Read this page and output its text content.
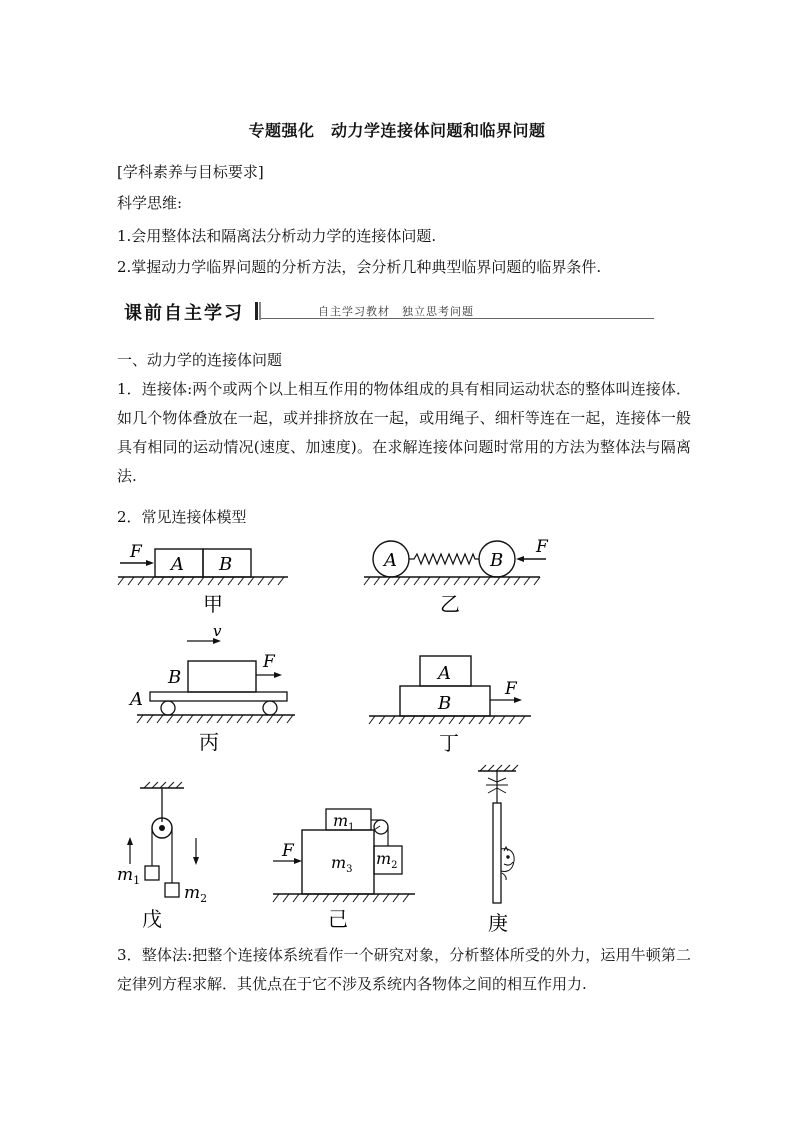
专题强化　动力学连接体问题和临界问题
[学科素养与目标要求]
科学思维:
1.会用整体法和隔离法分析动力学的连接体问题.
2.掌握动力学临界问题的分析方法，会分析几种典型临界问题的临界条件.
课前自主学习	自主学习教材　独立思考问题
一、动力学的连接体问题
1．连接体:两个或两个以上相互作用的物体组成的具有相同运动状态的整体叫连接体．如几个物体叠放在一起，或并排挤放在一起，或用绳子、细杆等连在一起，连接体一般具有相同的运动情况(速度、加速度)。在求解连接体问题时常用的方法为整体法与隔离法.
2．常见连接体模型
F
A B
甲
A	B
F
乙
v
B
F
A
丙
A
B
F
丁
$m_1$
$m_2$
戊
$m_1$
$m_3$
$m_2$
F
己	庚
3．整体法:把整个连接体系统看作一个研究对象，分析整体所受的外力，运用牛顿第二定律列方程求解．其优点在于它不涉及系统内各物体之间的相互作用力.
